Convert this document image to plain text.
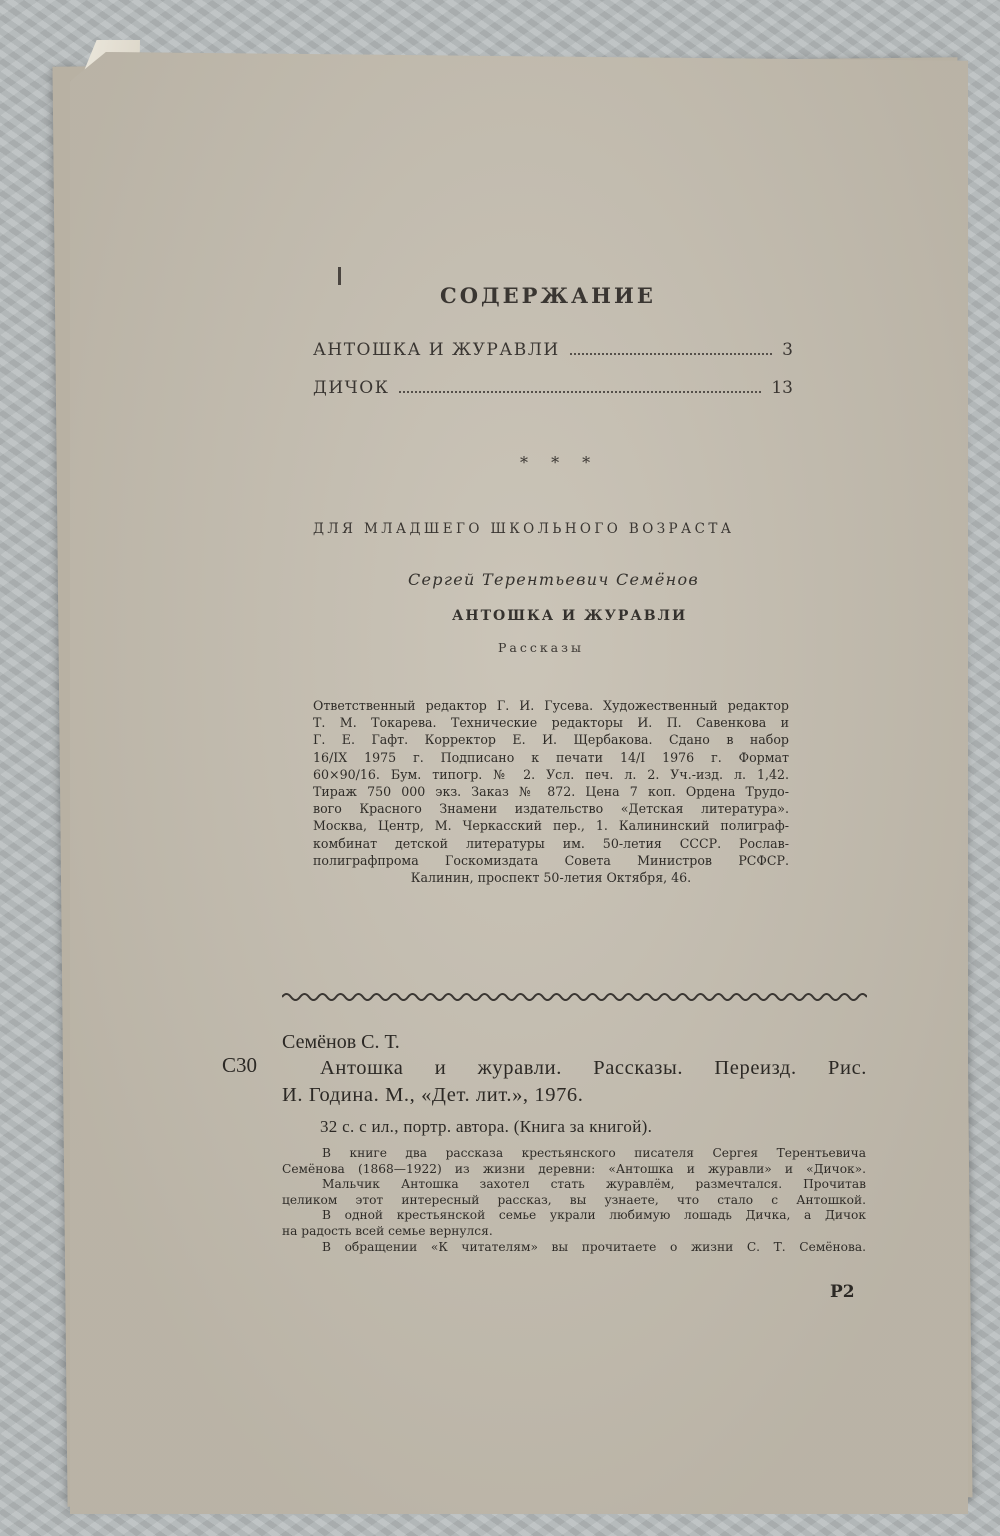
СОДЕРЖАНИЕ
АНТОШКА И ЖУРАВЛИ	3
ДИЧОК	13
* * *
ДЛЯ МЛАДШЕГО ШКОЛЬНОГО ВОЗРАСТА
Сергей Терентьевич Семёнов
АНТОШКА И ЖУРАВЛИ
Рассказы
Ответственный редактор Г. И. Гусева. Художественный редактор
Т. М. Токарева. Технические редакторы И. П. Савенкова и
Г. Е. Гафт. Корректор Е. И. Щербакова. Сдано в набор
16/IX 1975 г. Подписано к печати 14/I 1976 г. Формат
60×90/16. Бум. типогр. № 2. Усл. печ. л. 2. Уч.-изд. л. 1,42.
Тираж 750 000 экз. Заказ № 872. Цена 7 коп. Ордена Трудо-
вого Красного Знамени издательство «Детская литература».
Москва, Центр, М. Черкасский пер., 1. Калининский полиграф-
комбинат детской литературы им. 50-летия СССР. Рослав-
полиграфпрома Госкомиздата Совета Министров РСФСР.
Калинин, проспект 50-летия Октября, 46.
Семёнов С. Т.
С30	Антошка и журавли. Рассказы. Переизд. Рис.
И. Година. М., «Дет. лит.», 1976.
32 с. с ил., портр. автора. (Книга за книгой).
В книге два рассказа крестьянского писателя Сергея Терентьевича
Семёнова (1868—1922) из жизни деревни: «Антошка и журавли» и «Дичок».
Мальчик Антошка захотел стать журавлём, размечтался. Прочитав
целиком этот интересный рассказ, вы узнаете, что стало с Антошкой.
В одной крестьянской семье украли любимую лошадь Дичка, а Дичок
на радость всей семье вернулся.
В обращении «К читателям» вы прочитаете о жизни С. Т. Семёнова.
Р2
